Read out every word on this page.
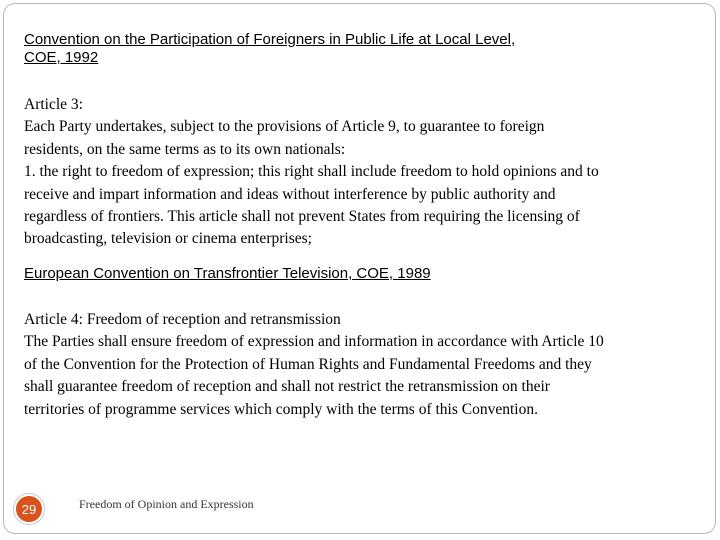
Convention on the Participation of Foreigners in Public Life at Local Level,
COE, 1992

Article 3:

Each Party undertakes, subject to the provisions of Article 9, to guarantee to foreign

residents, on the same terms as to its own nationals:

1. the right to freedom of expression; this right shall include freedom to hold opinions and to

receive and impart information and ideas without interference by public authority and

regardless of frontiers. This article shall not prevent States from requiring the licensing of

broadcasting, television or cinema enterprises;

European Convention on Transfrontier Television, COE, 1989

Article 4: Freedom of reception and retransmission

The Parties shall ensure freedom of expression and information in accordance with Article 10

of the Convention for the Protection of Human Rights and Fundamental Freedoms and they

shall guarantee freedom of reception and shall not restrict the retransmission on their

territories of programme services which comply with the terms of this Convention.

29	Freedom of Opinion and Expression
